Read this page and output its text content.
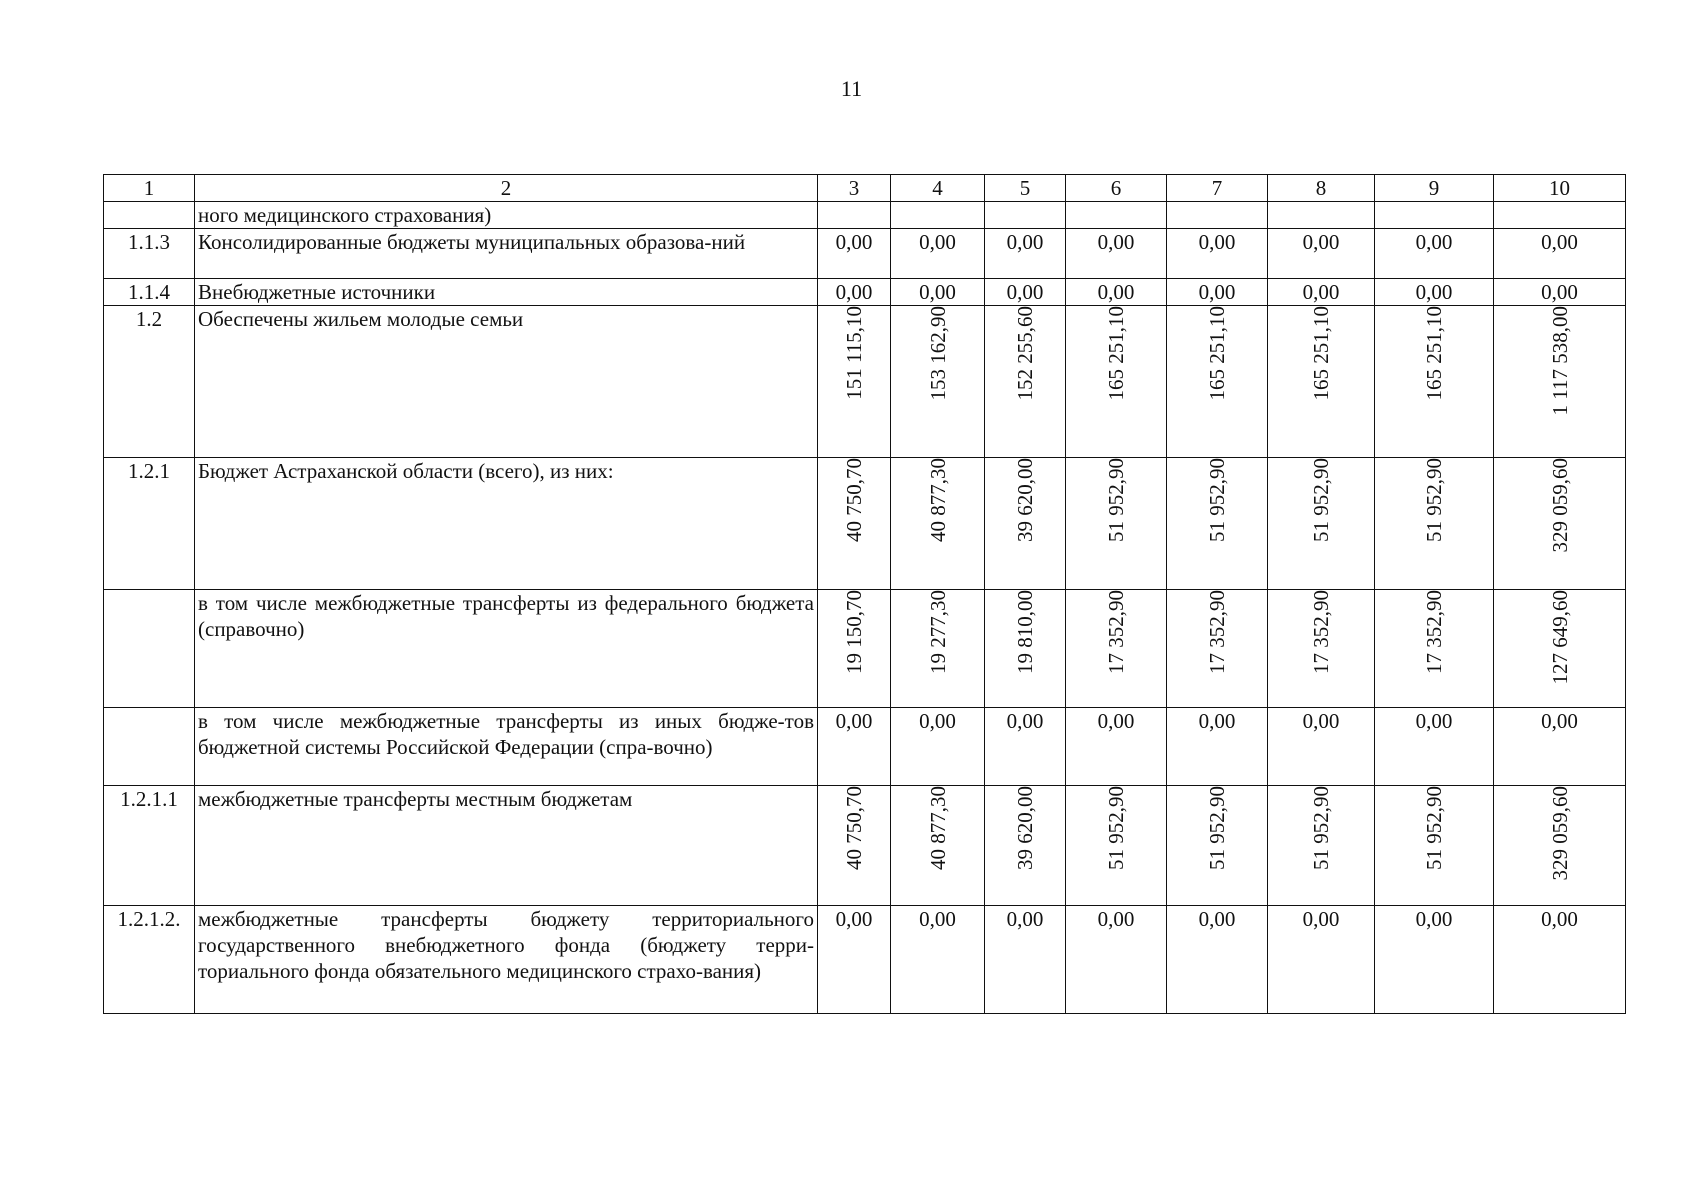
11
1	2	3	4	5	6	7	8	9	10
	ного медицинского страхования)								
1.1.3	Консолидированные бюджеты муниципальных образова-ний	0,00	0,00	0,00	0,00	0,00	0,00	0,00	0,00
1.1.4	Внебюджетные источники	0,00	0,00	0,00	0,00	0,00	0,00	0,00	0,00
1.2	Обеспечены жильем молодые семьи	151 115,10	153 162,90	152 255,60	165 251,10	165 251,10	165 251,10	165 251,10	1 117 538,00
1.2.1	Бюджет Астраханской области (всего), из них:	40 750,70	40 877,30	39 620,00	51 952,90	51 952,90	51 952,90	51 952,90	329 059,60
	в том числе межбюджетные трансферты из федерального бюджета (справочно)	19 150,70	19 277,30	19 810,00	17 352,90	17 352,90	17 352,90	17 352,90	127 649,60
	в том числе межбюджетные трансферты из иных бюдже-тов бюджетной системы Российской Федерации (спра-вочно)	0,00	0,00	0,00	0,00	0,00	0,00	0,00	0,00
1.2.1.1	межбюджетные трансферты местным бюджетам	40 750,70	40 877,30	39 620,00	51 952,90	51 952,90	51 952,90	51 952,90	329 059,60
1.2.1.2.	межбюджетные трансферты бюджету территориального государственного внебюджетного фонда (бюджету терри-ториального фонда обязательного медицинского страхо-вания)	0,00	0,00	0,00	0,00	0,00	0,00	0,00	0,00
